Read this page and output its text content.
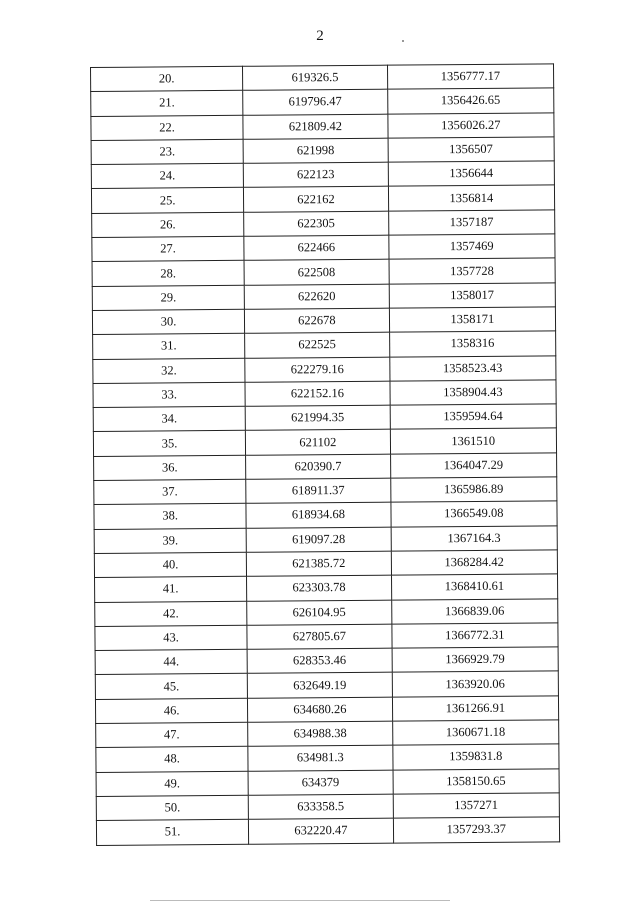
2
20.	619326.5	1356777.17
21.	619796.47	1356426.65
22.	621809.42	1356026.27
23.	621998	1356507
24.	622123	1356644
25.	622162	1356814
26.	622305	1357187
27.	622466	1357469
28.	622508	1357728
29.	622620	1358017
30.	622678	1358171
31.	622525	1358316
32.	622279.16	1358523.43
33.	622152.16	1358904.43
34.	621994.35	1359594.64
35.	621102	1361510
36.	620390.7	1364047.29
37.	618911.37	1365986.89
38.	618934.68	1366549.08
39.	619097.28	1367164.3
40.	621385.72	1368284.42
41.	623303.78	1368410.61
42.	626104.95	1366839.06
43.	627805.67	1366772.31
44.	628353.46	1366929.79
45.	632649.19	1363920.06
46.	634680.26	1361266.91
47.	634988.38	1360671.18
48.	634981.3	1359831.8
49.	634379	1358150.65
50.	633358.5	1357271
51.	632220.47	1357293.37
